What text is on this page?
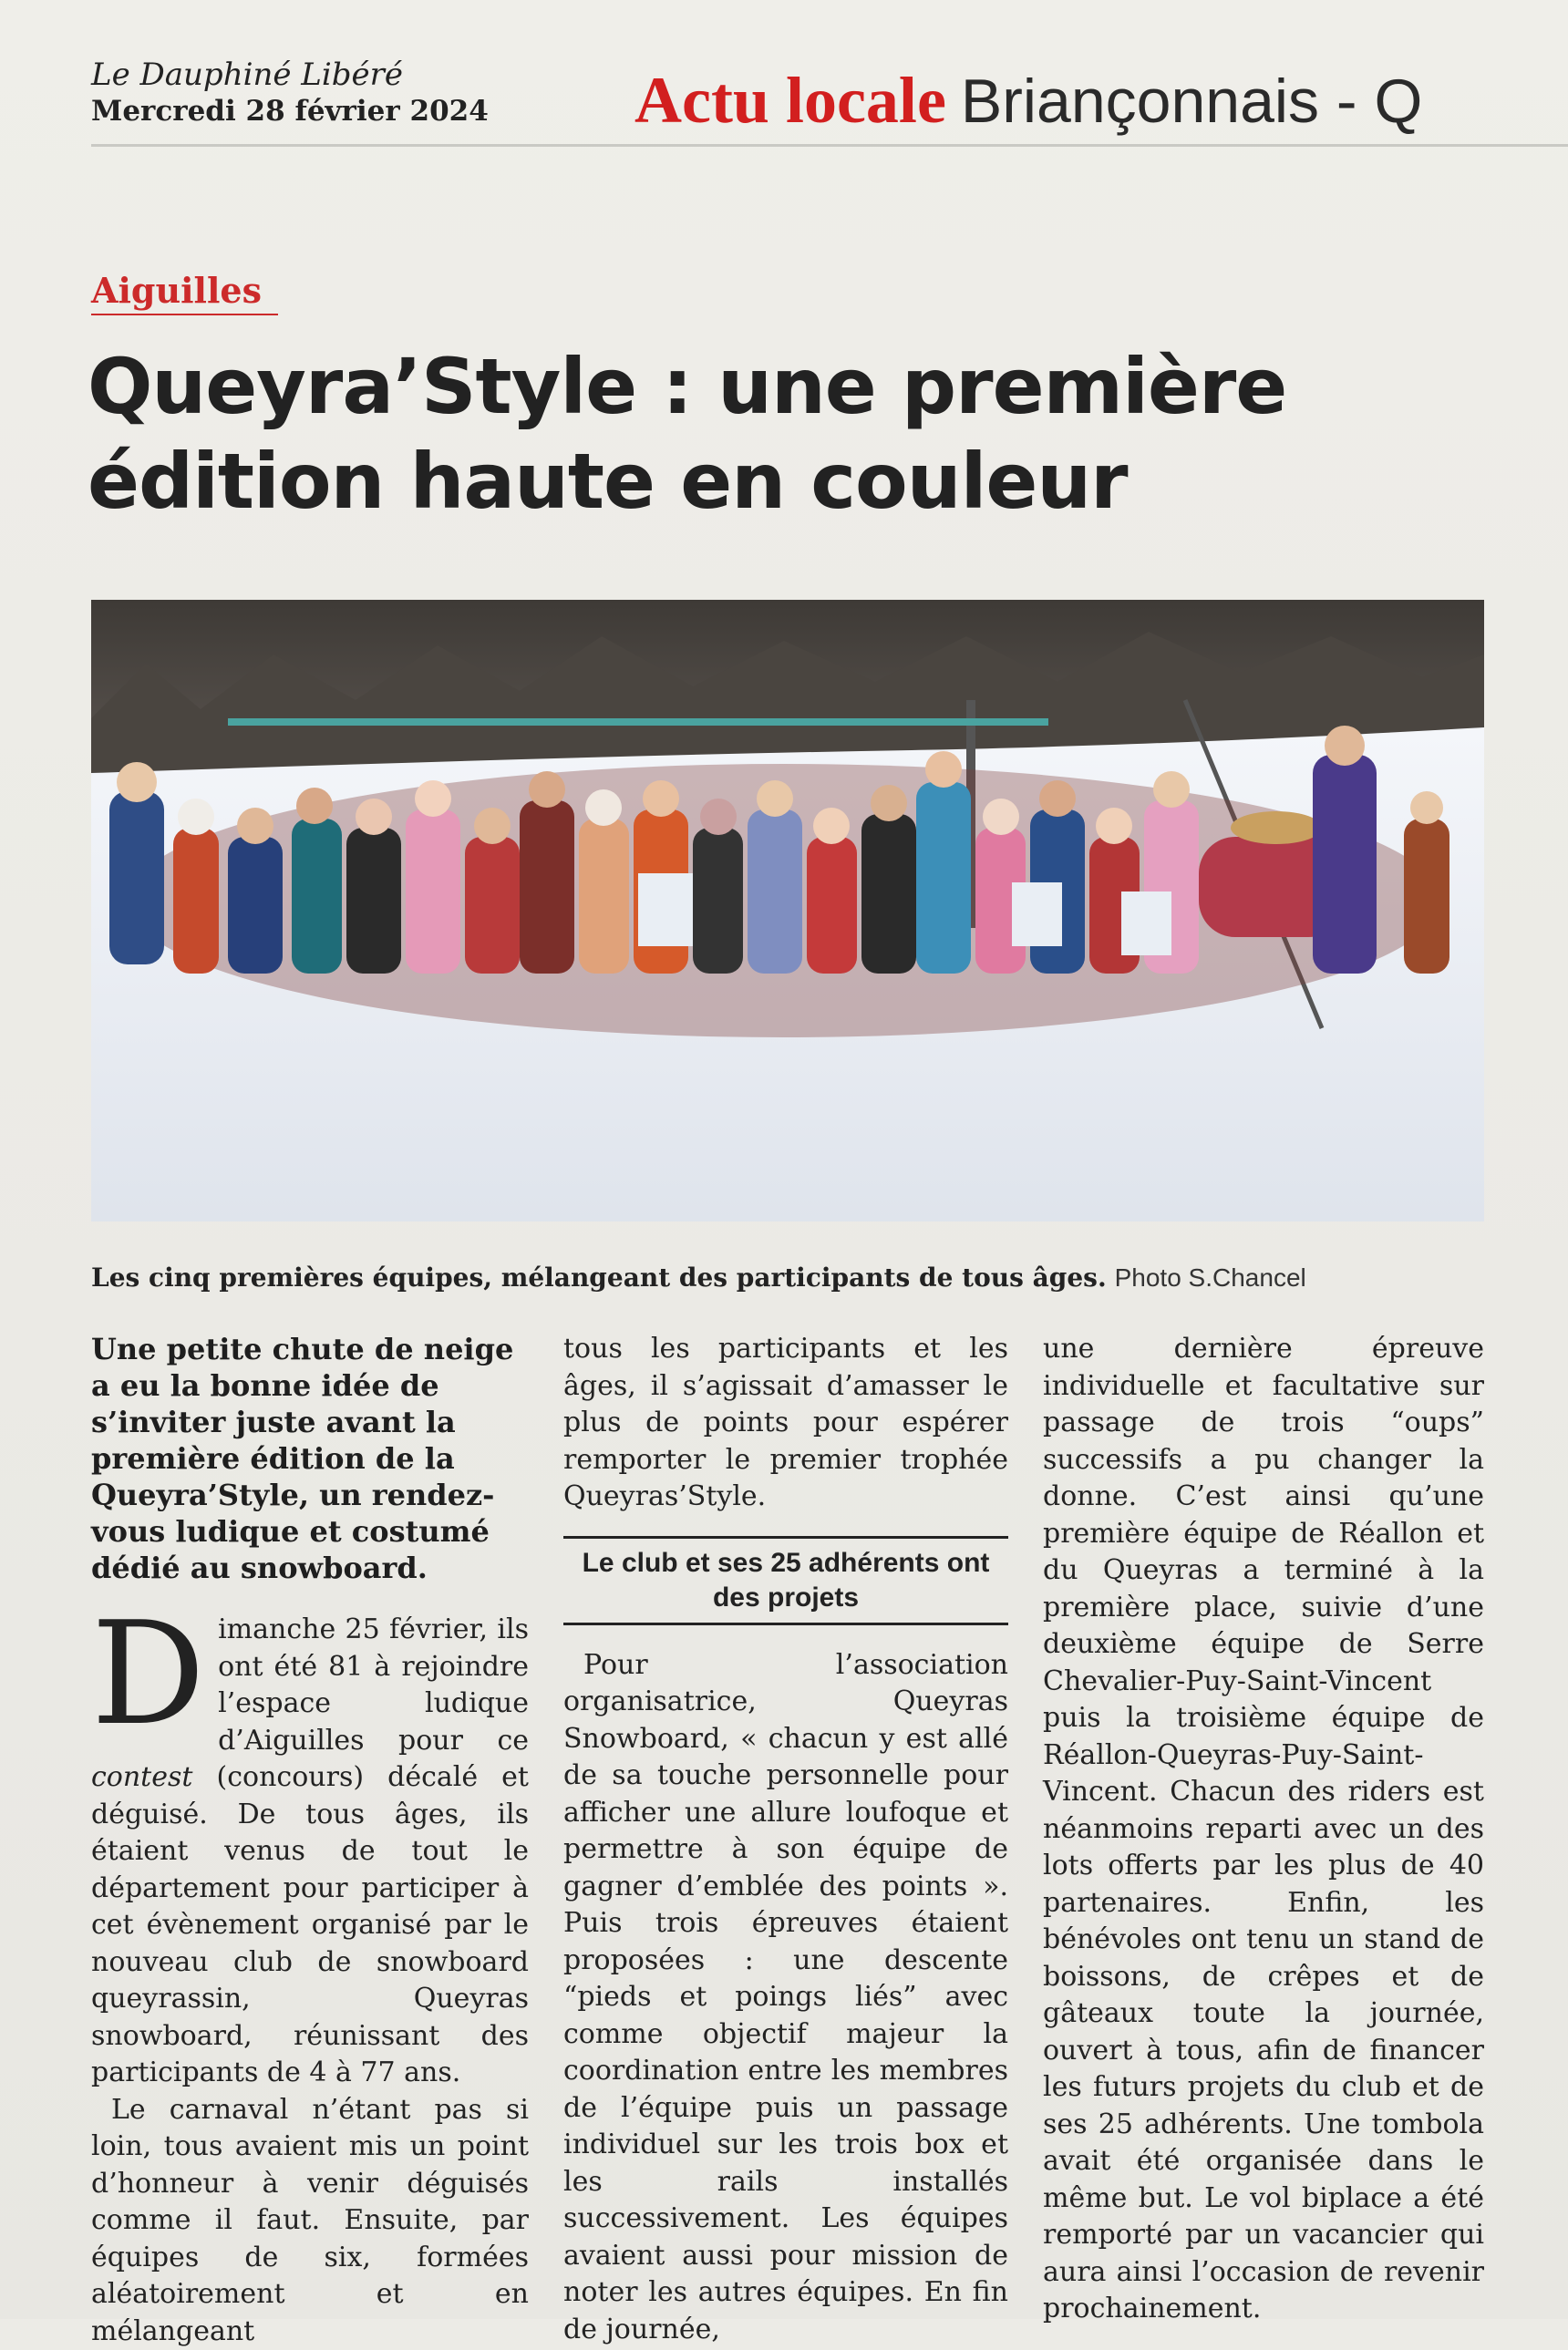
Le Dauphiné Libéré
Mercredi 28 février 2024 Actu locale Briançonnais - Q
Aiguilles
Queyra’Style : une première édition haute en couleur
Les cinq premières équipes, mélangeant des participants de tous âges. Photo S.Chancel
Une petite chute de neige a eu la bonne idée de s’inviter juste avant la première édition de la Queyra’Style, un rendez-vous ludique et costumé dédié au snowboard.

Dimanche 25 février, ils ont été 81 à rejoindre l’espace ludique d’Aiguilles pour ce contest (concours) décalé et déguisé. De tous âges, ils étaient venus de tout le département pour participer à cet évènement organisé par le nouveau club de snowboard queyrassin, Queyras snowboard, réunissant des participants de 4 à 77 ans.

Le carnaval n’étant pas si loin, tous avaient mis un point d’honneur à venir déguisés comme il faut. Ensuite, par équipes de six, formées aléatoirement et en mélangeant

tous les participants et les âges, il s’agissait d’amasser le plus de points pour espérer remporter le premier trophée Queyras’Style.

Le club et ses 25 adhérents ont des projets

Pour l’association organisatrice, Queyras Snowboard, « chacun y est allé de sa touche personnelle pour afficher une allure loufoque et permettre à son équipe de gagner d’emblée des points ». Puis trois épreuves étaient proposées : une descente “pieds et poings liés” avec comme objectif majeur la coordination entre les membres de l’équipe puis un passage individuel sur les trois box et les rails installés successivement. Les équipes avaient aussi pour mission de noter les autres équipes. En fin de journée,

une dernière épreuve individuelle et facultative sur passage de trois “oups” successifs a pu changer la donne. C’est ainsi qu’une première équipe de Réallon et du Queyras a terminé à la première place, suivie d’une deuxième équipe de Serre Chevalier-Puy-Saint-Vincent puis la troisième équipe de Réallon-Queyras-Puy-Saint-Vincent. Chacun des riders est néanmoins reparti avec un des lots offerts par les plus de 40 partenaires. Enfin, les bénévoles ont tenu un stand de boissons, de crêpes et de gâteaux toute la journée, ouvert à tous, afin de financer les futurs projets du club et de ses 25 adhérents. Une tombola avait été organisée dans le même but. Le vol biplace a été remporté par un vacancier qui aura ainsi l’occasion de revenir prochainement.
